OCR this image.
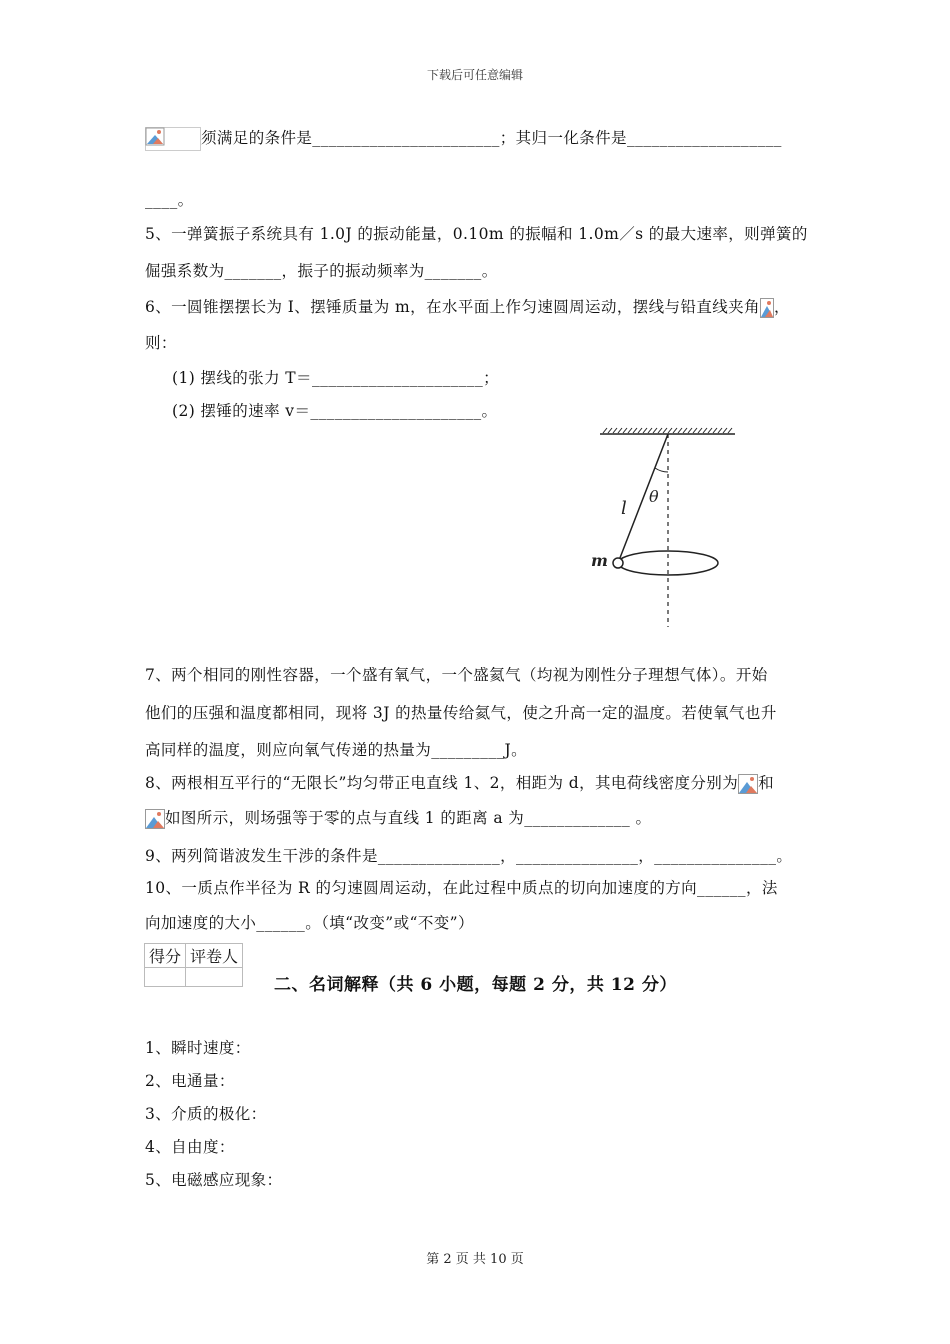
下载后可任意编辑
须满足的条件是_______________________；其归一化条件是___________________
____。
5、一弹簧振子系统具有 1.0J 的振动能量，0.10m 的振幅和 1.0m／s 的最大速率，则弹簧的
倔强系数为_______，振子的振动频率为_______。
6、一圆锥摆摆长为 I、摆锤质量为 m，在水平面上作匀速圆周运动，摆线与铅直线夹角 ，
则：
(1) 摆线的张力 T＝_____________________；
(2) 摆锤的速率 v＝_____________________。
l
θ
m
7、两个相同的刚性容器，一个盛有氧气，一个盛氦气（均视为刚性分子理想气体）。开始
他们的压强和温度都相同，现将 3J 的热量传给氦气，使之升高一定的温度。若使氧气也升
高同样的温度，则应向氧气传递的热量为_________J。
8、两根相互平行的“无限长”均匀带正电直线 1、2，相距为 d，其电荷线密度分别为 和
如图所示，则场强等于零的点与直线 1 的距离 a 为_____________ 。
9、两列简谐波发生干涉的条件是_______________，_______________，_______________。
10、一质点作半径为 R 的匀速圆周运动，在此过程中质点的切向加速度的方向______，法
向加速度的大小______。（填“改变”或“不变”）
得分	评卷人

二、名词解释（共 6 小题，每题 2 分，共 12 分）
1、瞬时速度：
2、电通量：
3、介质的极化：
4、自由度：
5、电磁感应现象：
第 2 页 共 10 页
